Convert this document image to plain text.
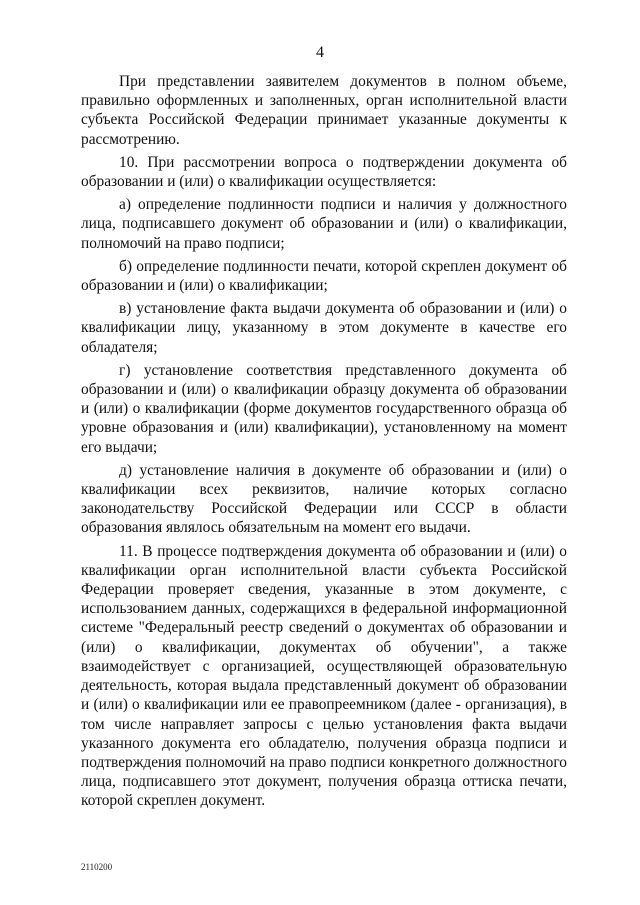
4

При представлении заявителем документов в полном объеме, правильно оформленных и заполненных, орган исполнительной власти субъекта Российской Федерации принимает указанные документы к рассмотрению.

10. При рассмотрении вопроса о подтверждении документа об образовании и (или) о квалификации осуществляется:

а) определение подлинности подписи и наличия у должностного лица, подписавшего документ об образовании и (или) о квалификации, полномочий на право подписи;

б) определение подлинности печати, которой скреплен документ об образовании и (или) о квалификации;

в) установление факта выдачи документа об образовании и (или) о квалификации лицу, указанному в этом документе в качестве его обладателя;

г) установление соответствия представленного документа об образовании и (или) о квалификации образцу документа об образовании и (или) о квалификации (форме документов государственного образца об уровне образования и (или) квалификации), установленному на момент его выдачи;

д) установление наличия в документе об образовании и (или) о квалификации всех реквизитов, наличие которых согласно законодательству Российской Федерации или СССР в области образования являлось обязательным на момент его выдачи.

11. В процессе подтверждения документа об образовании и (или) о квалификации орган исполнительной власти субъекта Российской Федерации проверяет сведения, указанные в этом документе, с использованием данных, содержащихся в федеральной информационной системе "Федеральный реестр сведений о документах об образовании и (или) о квалификации, документах об обучении", а также взаимодействует с организацией, осуществляющей образовательную деятельность, которая выдала представленный документ об образовании и (или) о квалификации или ее правопреемником (далее - организация), в том числе направляет запросы с целью установления факта выдачи указанного документа его обладателю, получения образца подписи и подтверждения полномочий на право подписи конкретного должностного лица, подписавшего этот документ, получения образца оттиска печати, которой скреплен документ.

2110200
